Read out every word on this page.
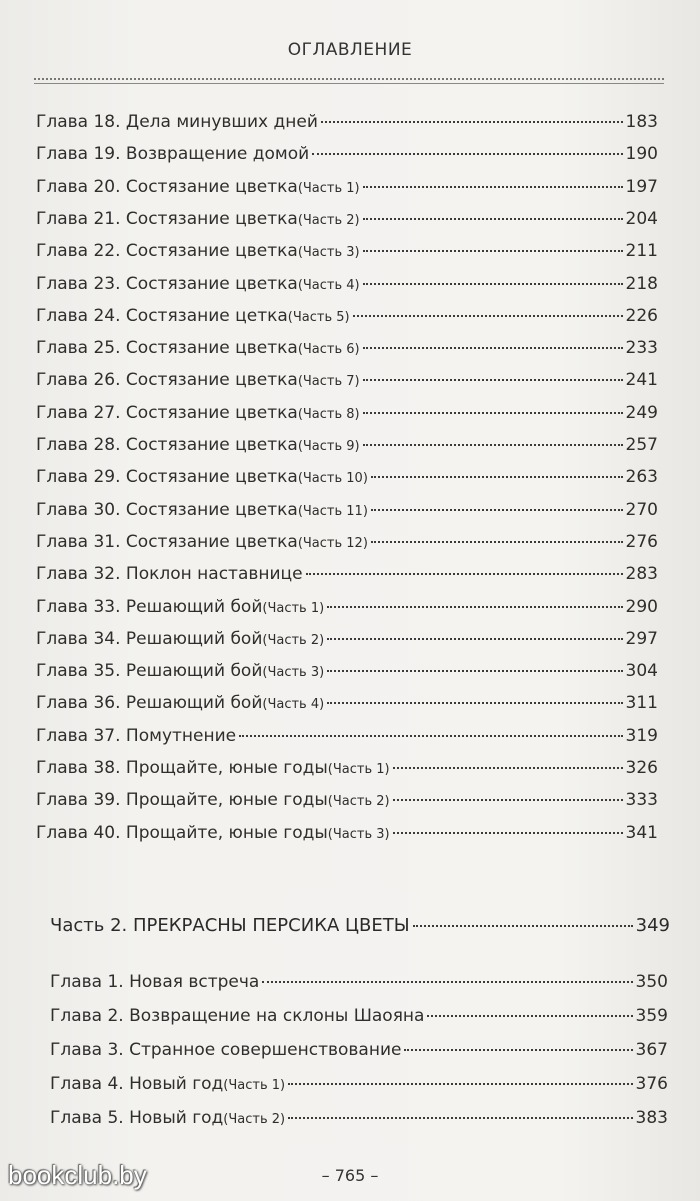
ОГЛАВЛЕНИЕ
Глава 18. Дела минувших дней	183
Глава 19. Возвращение домой	190
Глава 20. Состязание цветка (Часть 1)	197
Глава 21. Состязание цветка (Часть 2)	204
Глава 22. Состязание цветка (Часть 3)	211
Глава 23. Состязание цветка (Часть 4)	218
Глава 24. Состязание цетка (Часть 5)	226
Глава 25. Состязание цветка (Часть 6)	233
Глава 26. Состязание цветка (Часть 7)	241
Глава 27. Состязание цветка (Часть 8)	249
Глава 28. Состязание цветка (Часть 9)	257
Глава 29. Состязание цветка (Часть 10)	263
Глава 30. Состязание цветка (Часть 11)	270
Глава 31. Состязание цветка (Часть 12)	276
Глава 32. Поклон наставнице	283
Глава 33. Решающий бой (Часть 1)	290
Глава 34. Решающий бой (Часть 2)	297
Глава 35. Решающий бой (Часть 3)	304
Глава 36. Решающий бой (Часть 4)	311
Глава 37. Помутнение	319
Глава 38. Прощайте, юные годы (Часть 1)	326
Глава 39. Прощайте, юные годы (Часть 2)	333
Глава 40. Прощайте, юные годы (Часть 3)	341
Часть 2. ПРЕКРАСНЫ ПЕРСИКА ЦВЕТЫ	349
Глава 1. Новая встреча	350
Глава 2. Возвращение на склоны Шаояна	359
Глава 3. Странное совершенствование	367
Глава 4. Новый год (Часть 1)	376
Глава 5. Новый год (Часть 2)	383
– 765 –
bookclub.by
